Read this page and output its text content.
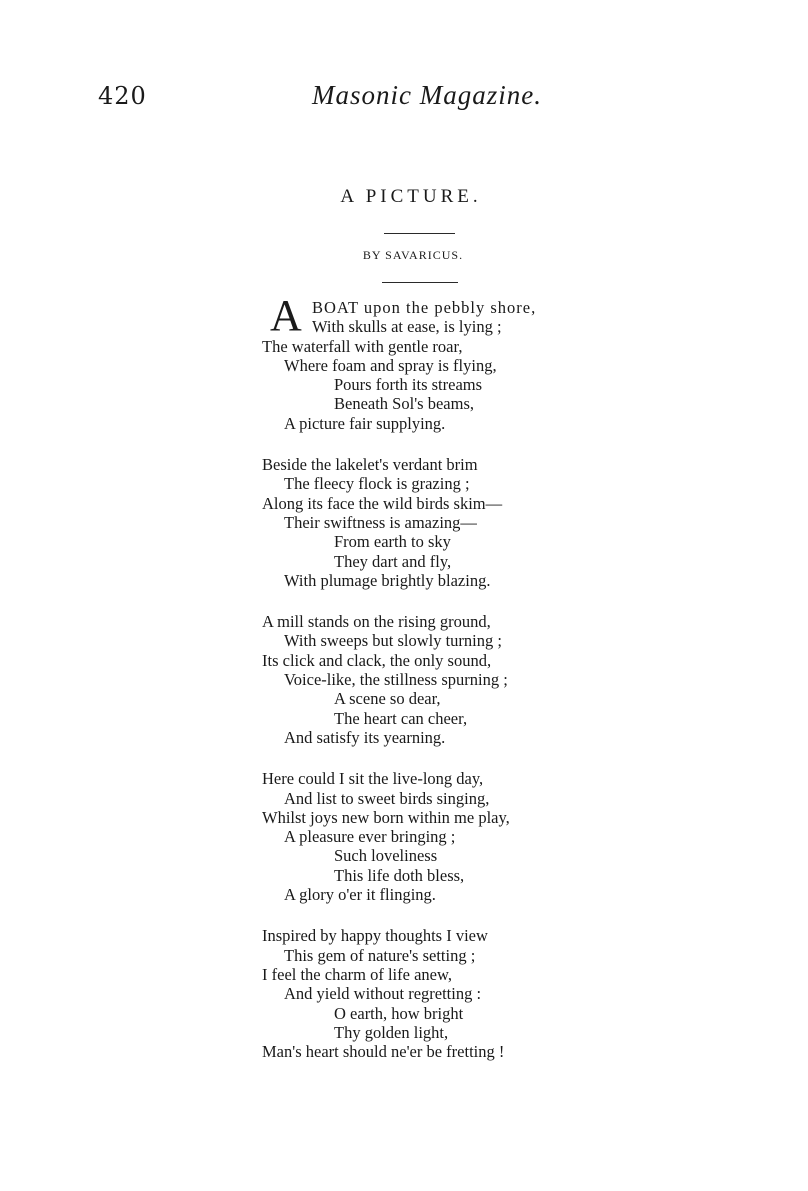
420	Masonic Magazine.
A PICTURE.
BY SAVARICUS.
A BOAT upon the pebbly shore,
With skulls at ease, is lying ;
The waterfall with gentle roar,
Where foam and spray is flying,
Pours forth its streams
Beneath Sol's beams,
A picture fair supplying.
Beside the lakelet's verdant brim
The fleecy flock is grazing ;
Along its face the wild birds skim—
Their swiftness is amazing—
From earth to sky
They dart and fly,
With plumage brightly blazing.
A mill stands on the rising ground,
With sweeps but slowly turning ;
Its click and clack, the only sound,
Voice-like, the stillness spurning ;
A scene so dear,
The heart can cheer,
And satisfy its yearning.
Here could I sit the live-long day,
And list to sweet birds singing,
Whilst joys new born within me play,
A pleasure ever bringing ;
Such loveliness
This life doth bless,
A glory o'er it flinging.
Inspired by happy thoughts I view
This gem of nature's setting ;
I feel the charm of life anew,
And yield without regretting :
O earth, how bright
Thy golden light,
Man's heart should ne'er be fretting !
